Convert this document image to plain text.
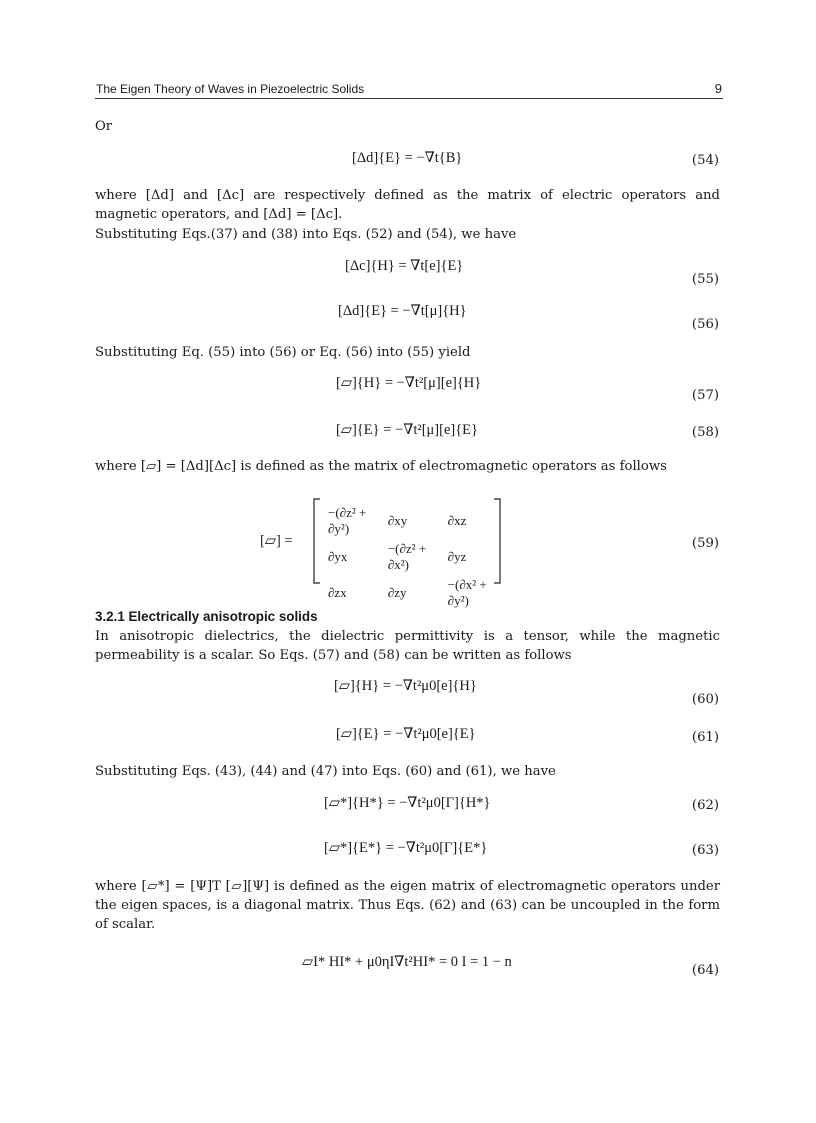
The Eigen Theory of Waves in Piezoelectric Solids	9

Or

[Δd]{E} = −∇t{B}	(54)

where [Δd] and [Δc] are respectively defined as the matrix of electric operators and magnetic operators, and [Δd] = [Δc].

Substituting Eqs.(37) and (38) into Eqs. (52) and (54), we have

[Δc]{H} = ∇t[e]{E}
(55)
[Δd]{E} = −∇t[μ]{H}
(56)

Substituting Eq. (55) into (56) or Eq. (56) into (55) yield

[▱]{H} = −∇t²[μ][e]{H}
(57)
[▱]{E} = −∇t²[μ][e]{E}	(58)

where [▱] = [Δd][Δc] is defined as the matrix of electromagnetic operators as follows

[▱] =
−(∂z² + ∂y²)	∂xy	∂xz
∂yx	−(∂z² + ∂x²)	∂yz
∂zx	∂zy	−(∂x² + ∂y²)
(59)
3.2.1 Electrically anisotropic solids

In anisotropic dielectrics, the dielectric permittivity is a tensor, while the magnetic permeability is a scalar. So Eqs. (57) and (58) can be written as follows

[▱]{H} = −∇t²μ0[e]{H}
(60)
[▱]{E} = −∇t²μ0[e]{E}	(61)

Substituting Eqs. (43), (44) and (47) into Eqs. (60) and (61), we have

[▱*]{H*} = −∇t²μ0[Γ]{H*}	(62)
[▱*]{E*} = −∇t²μ0[Γ]{E*}	(63)

where [▱*] = [Ψ]T [▱][Ψ] is defined as the eigen matrix of electromagnetic operators under the eigen spaces, is a diagonal matrix. Thus Eqs. (62) and (63) can be uncoupled in the form of scalar.

▱I* HI* + μ0ηI∇t²HI* = 0 I = 1 − n
(64)
